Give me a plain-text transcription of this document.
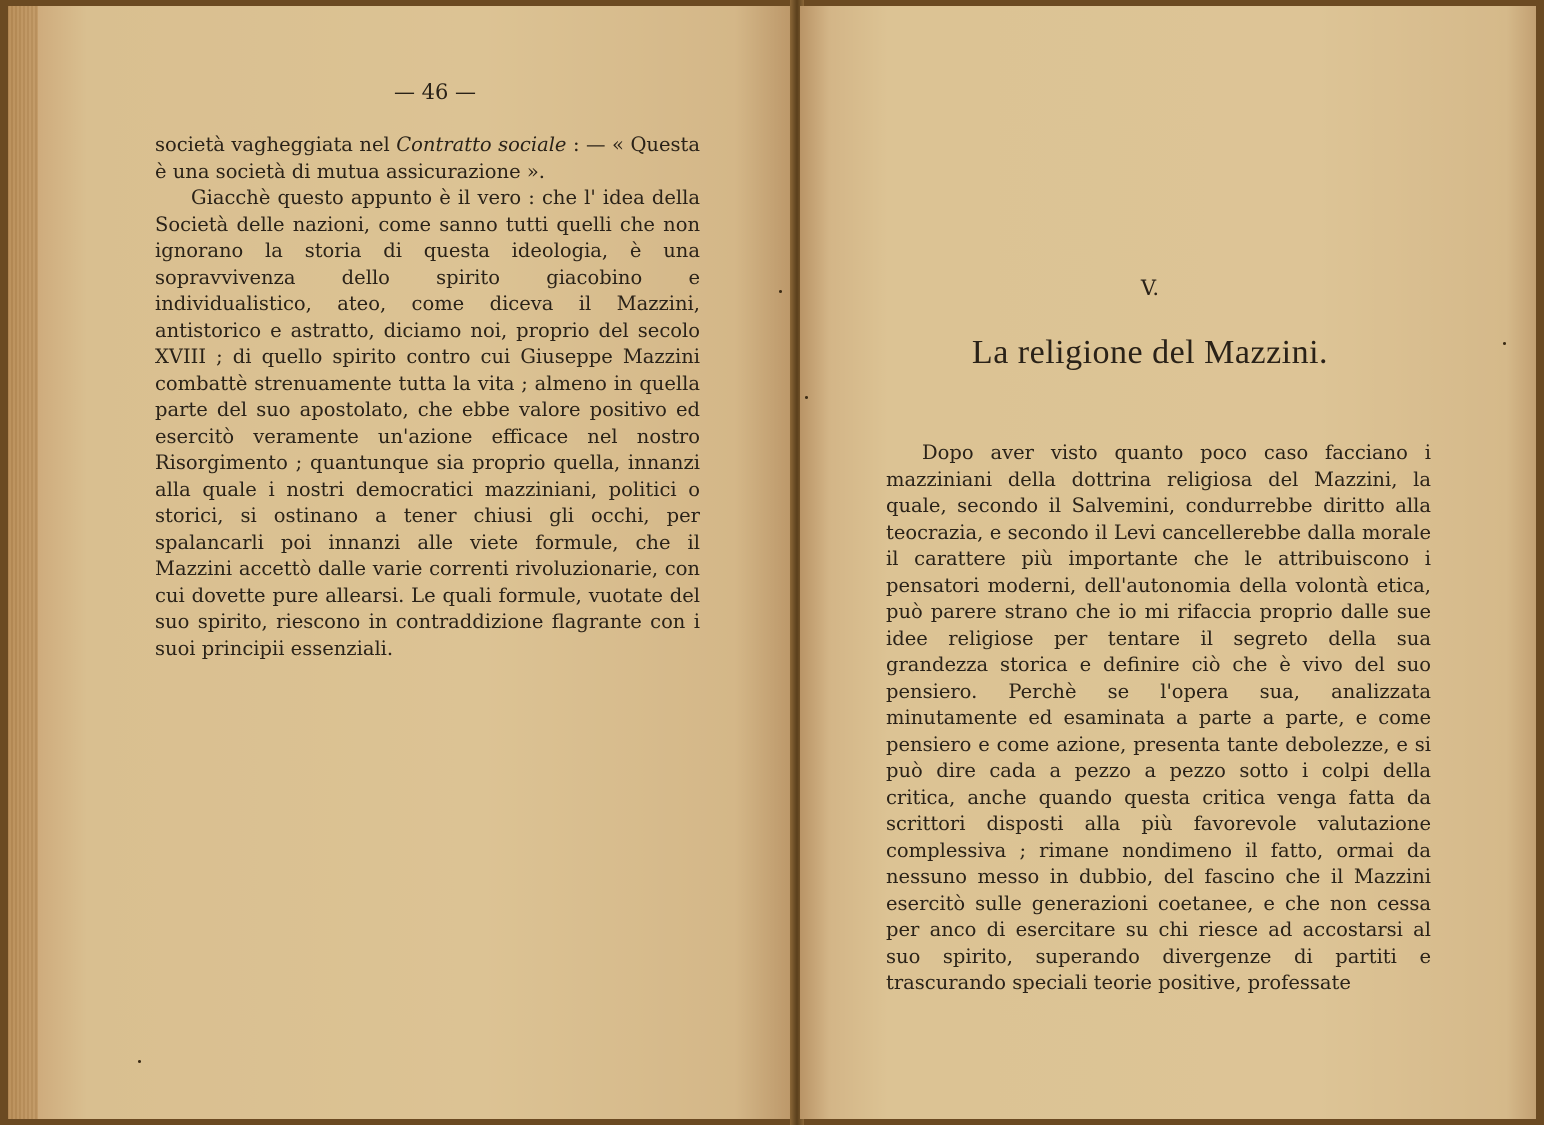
— 46 —

società vagheggiata nel Contratto sociale : — « Questa è una società di mutua assicurazione ».

Giacchè questo appunto è il vero : che l' idea della Società delle nazioni, come sanno tutti quelli che non ignorano la storia di questa ideologia, è una sopravvivenza dello spirito giacobino e individualistico, ateo, come diceva il Mazzini, antistorico e astratto, diciamo noi, proprio del secolo XVIII ; di quello spirito contro cui Giuseppe Mazzini combattè strenuamente tutta la vita ; almeno in quella parte del suo apostolato, che ebbe valore positivo ed esercitò veramente un'azione efficace nel nostro Risorgimento ; quantunque sia proprio quella, innanzi alla quale i nostri democratici mazziniani, politici o storici, si ostinano a tener chiusi gli occhi, per spalancarli poi innanzi alle viete formule, che il Mazzini accettò dalle varie correnti rivoluzionarie, con cui dovette pure allearsi. Le quali formule, vuotate del suo spirito, riescono in contraddizione flagrante con i suoi principii essenziali.

V.
La religione del Mazzini.

Dopo aver visto quanto poco caso facciano i mazziniani della dottrina religiosa del Mazzini, la quale, secondo il Salvemini, condurrebbe diritto alla teocrazia, e secondo il Levi cancellerebbe dalla morale il carattere più importante che le attribuiscono i pensatori moderni, dell'autonomia della volontà etica, può parere strano che io mi rifaccia proprio dalle sue idee religiose per tentare il segreto della sua grandezza storica e definire ciò che è vivo del suo pensiero. Perchè se l'opera sua, analizzata minutamente ed esaminata a parte a parte, e come pensiero e come azione, presenta tante debolezze, e si può dire cada a pezzo a pezzo sotto i colpi della critica, anche quando questa critica venga fatta da scrittori disposti alla più favorevole valutazione complessiva ; rimane nondimeno il fatto, ormai da nessuno messo in dubbio, del fascino che il Mazzini esercitò sulle generazioni coetanee, e che non cessa per anco di esercitare su chi riesce ad accostarsi al suo spirito, superando divergenze di partiti e trascurando speciali teorie positive, professate
